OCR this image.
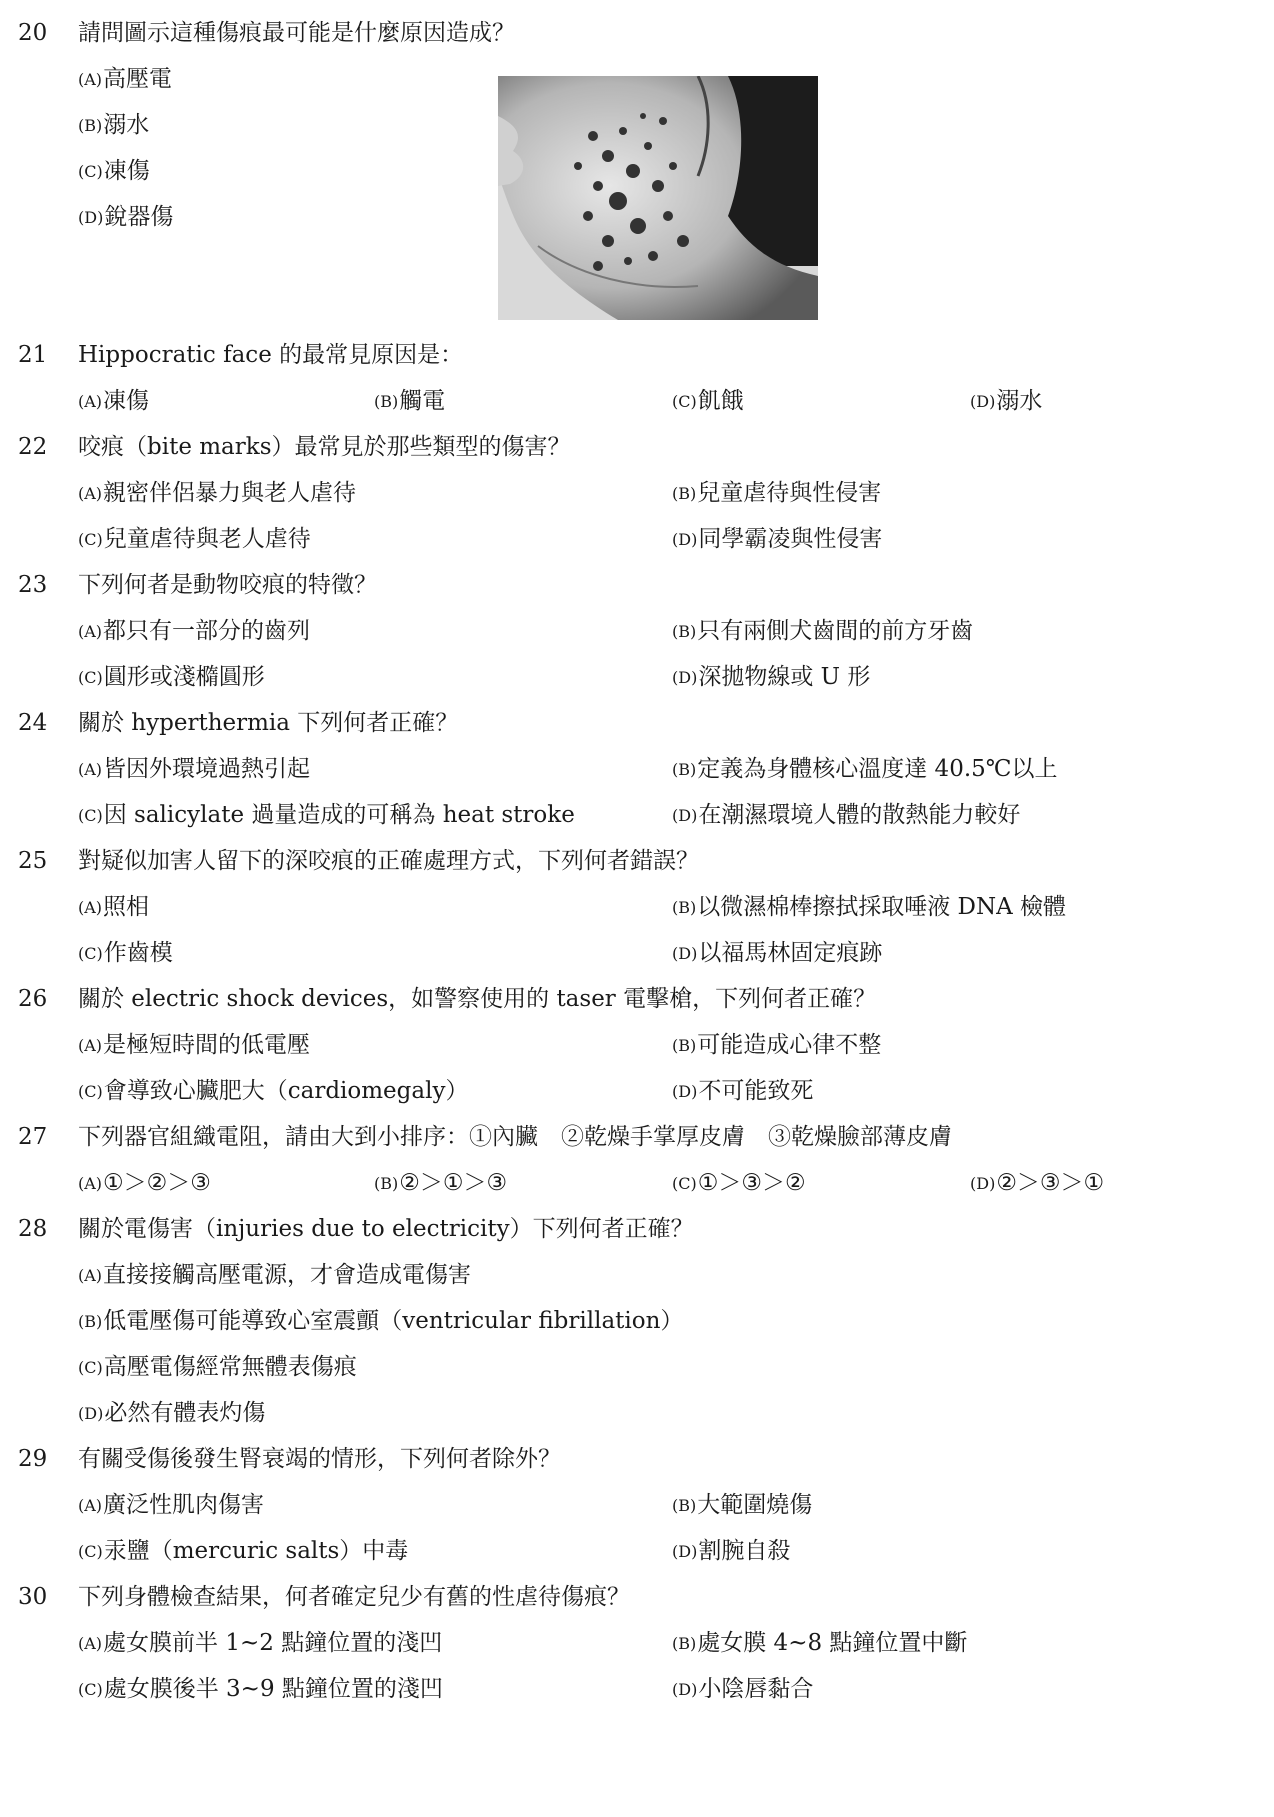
20 請問圖示這種傷痕最可能是什麼原因造成？
(A)高壓電
(B)溺水
(C)凍傷
(D)銳器傷
21 Hippocratic face 的最常見原因是：
(A)凍傷	(B)觸電	(C)飢餓	(D)溺水
22 咬痕（bite marks）最常見於那些類型的傷害？
(A)親密伴侶暴力與老人虐待	(B)兒童虐待與性侵害
(C)兒童虐待與老人虐待	(D)同學霸凌與性侵害
23 下列何者是動物咬痕的特徵？
(A)都只有一部分的齒列	(B)只有兩側犬齒間的前方牙齒
(C)圓形或淺橢圓形	(D)深拋物線或 U 形
24 關於 hyperthermia 下列何者正確？
(A)皆因外環境過熱引起	(B)定義為身體核心溫度達 40.5℃以上
(C)因 salicylate 過量造成的可稱為 heat stroke	(D)在潮濕環境人體的散熱能力較好
25 對疑似加害人留下的深咬痕的正確處理方式，下列何者錯誤？
(A)照相	(B)以微濕棉棒擦拭採取唾液 DNA 檢體
(C)作齒模	(D)以福馬林固定痕跡
26 關於 electric shock devices，如警察使用的 taser 電擊槍，下列何者正確？
(A)是極短時間的低電壓	(B)可能造成心律不整
(C)會導致心臟肥大（cardiomegaly）	(D)不可能致死
27 下列器官組織電阻，請由大到小排序：①內臟　②乾燥手掌厚皮膚　③乾燥臉部薄皮膚
(A)①＞②＞③	(B)②＞①＞③	(C)①＞③＞②	(D)②＞③＞①
28 關於電傷害（injuries due to electricity）下列何者正確？
(A)直接接觸高壓電源，才會造成電傷害
(B)低電壓傷可能導致心室震顫（ventricular fibrillation）
(C)高壓電傷經常無體表傷痕
(D)必然有體表灼傷
29 有關受傷後發生腎衰竭的情形，下列何者除外？
(A)廣泛性肌肉傷害	(B)大範圍燒傷
(C)汞鹽（mercuric salts）中毒	(D)割腕自殺
30 下列身體檢查結果，何者確定兒少有舊的性虐待傷痕？
(A)處女膜前半 1~2 點鐘位置的淺凹	(B)處女膜 4~8 點鐘位置中斷
(C)處女膜後半 3~9 點鐘位置的淺凹	(D)小陰唇黏合
